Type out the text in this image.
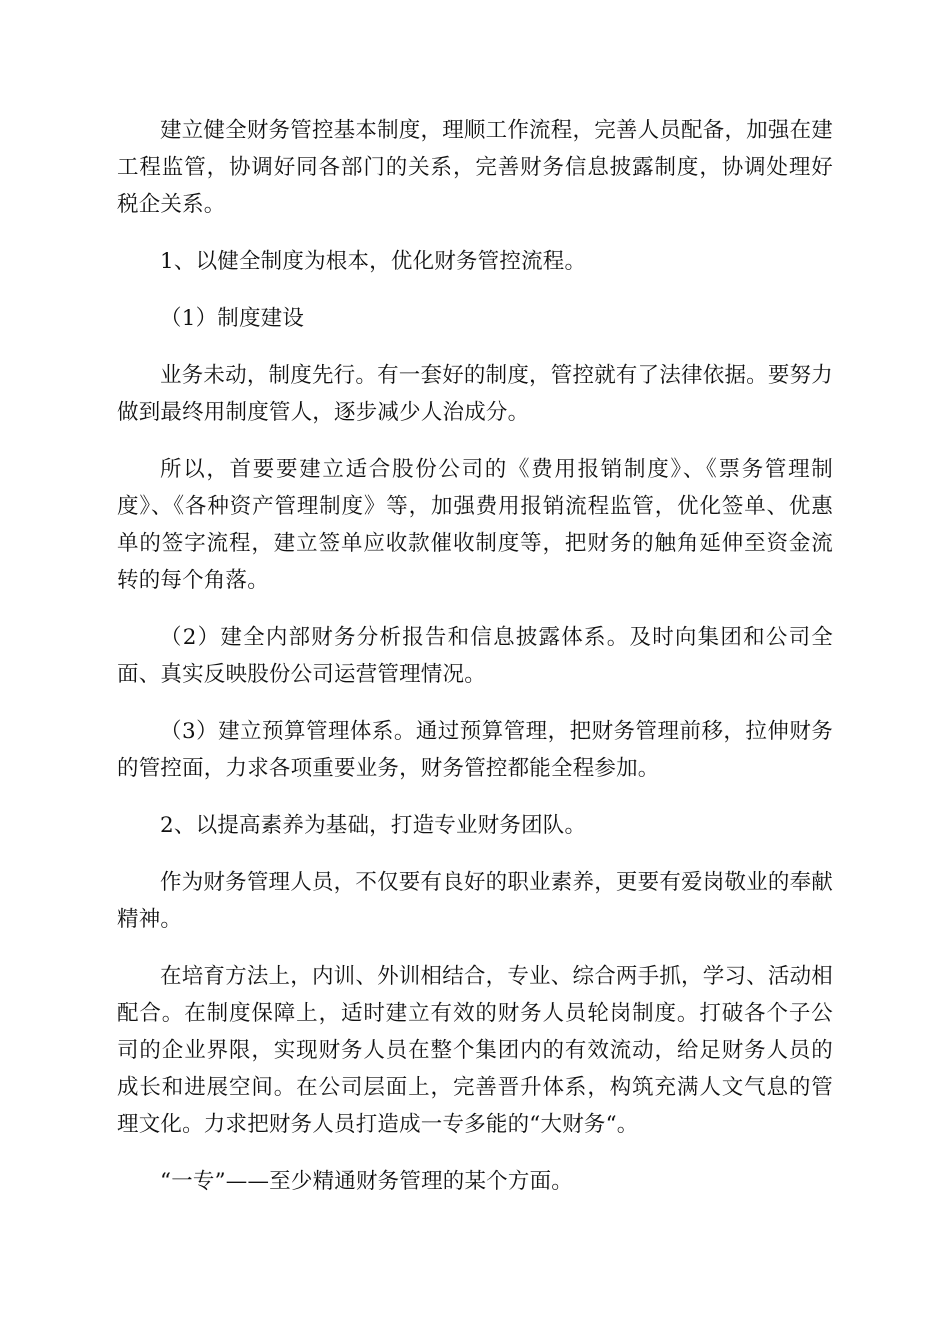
建立健全财务管控基本制度，理顺工作流程，完善人员配备，加强在建工程监管，协调好同各部门的关系，完善财务信息披露制度，协调处理好税企关系。

1、以健全制度为根本，优化财务管控流程。

（1）制度建设

业务未动，制度先行。有一套好的制度，管控就有了法律依据。要努力做到最终用制度管人，逐步减少人治成分。

所以，首要要建立适合股份公司的《费用报销制度》、《票务管理制度》、《各种资产管理制度》等，加强费用报销流程监管，优化签单、优惠单的签字流程，建立签单应收款催收制度等，把财务的触角延伸至资金流转的每个角落。

（2）建全内部财务分析报告和信息披露体系。及时向集团和公司全面、真实反映股份公司运营管理情况。

（3）建立预算管理体系。通过预算管理，把财务管理前移，拉伸财务的管控面，力求各项重要业务，财务管控都能全程参加。

2、以提高素养为基础，打造专业财务团队。

作为财务管理人员，不仅要有良好的职业素养，更要有爱岗敬业的奉献精神。

在培育方法上，内训、外训相结合，专业、综合两手抓，学习、活动相配合。在制度保障上，适时建立有效的财务人员轮岗制度。打破各个子公司的企业界限，实现财务人员在整个集团内的有效流动，给足财务人员的成长和进展空间。在公司层面上，完善晋升体系，构筑充满人文气息的管理文化。力求把财务人员打造成一专多能的“大财务“。

“一专”——至少精通财务管理的某个方面。
